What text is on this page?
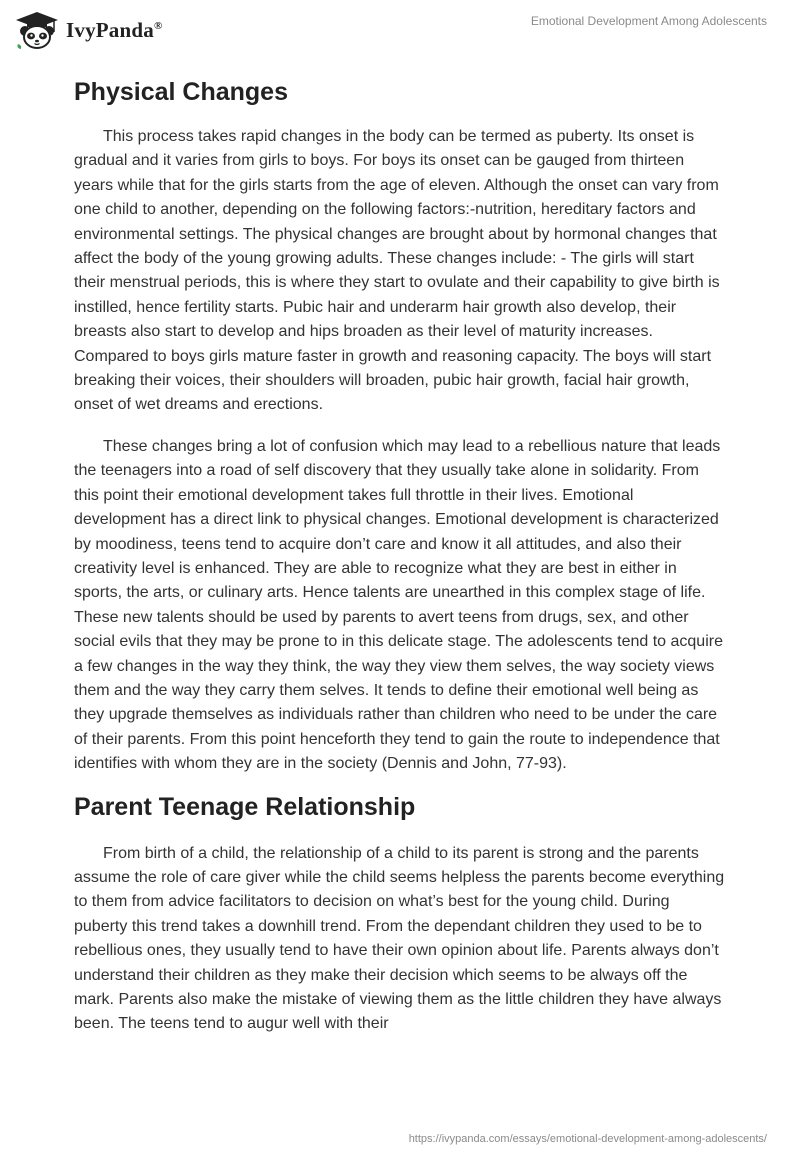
IvyPanda®	Emotional Development Among Adolescents
Physical Changes

This process takes rapid changes in the body can be termed as puberty. Its onset is gradual and it varies from girls to boys. For boys its onset can be gauged from thirteen years while that for the girls starts from the age of eleven. Although the onset can vary from one child to another, depending on the following factors:-nutrition, hereditary factors and environmental settings. The physical changes are brought about by hormonal changes that affect the body of the young growing adults. These changes include: - The girls will start their menstrual periods, this is where they start to ovulate and their capability to give birth is instilled, hence fertility starts. Pubic hair and underarm hair growth also develop, their breasts also start to develop and hips broaden as their level of maturity increases. Compared to boys girls mature faster in growth and reasoning capacity. The boys will start breaking their voices, their shoulders will broaden, pubic hair growth, facial hair growth, onset of wet dreams and erections.

These changes bring a lot of confusion which may lead to a rebellious nature that leads the teenagers into a road of self discovery that they usually take alone in solidarity. From this point their emotional development takes full throttle in their lives. Emotional development has a direct link to physical changes. Emotional development is characterized by moodiness, teens tend to acquire don’t care and know it all attitudes, and also their creativity level is enhanced. They are able to recognize what they are best in either in sports, the arts, or culinary arts. Hence talents are unearthed in this complex stage of life. These new talents should be used by parents to avert teens from drugs, sex, and other social evils that they may be prone to in this delicate stage. The adolescents tend to acquire a few changes in the way they think, the way they view them selves, the way society views them and the way they carry them selves. It tends to define their emotional well being as they upgrade themselves as individuals rather than children who need to be under the care of their parents. From this point henceforth they tend to gain the route to independence that identifies with whom they are in the society (Dennis and John, 77-93).

Parent Teenage Relationship

From birth of a child, the relationship of a child to its parent is strong and the parents assume the role of care giver while the child seems helpless the parents become everything to them from advice facilitators to decision on what’s best for the young child. During puberty this trend takes a downhill trend. From the dependant children they used to be to rebellious ones, they usually tend to have their own opinion about life. Parents always don’t understand their children as they make their decision which seems to be always off the mark. Parents also make the mistake of viewing them as the little children they have always been. The teens tend to augur well with their

https://ivypanda.com/essays/emotional-development-among-adolescents/
